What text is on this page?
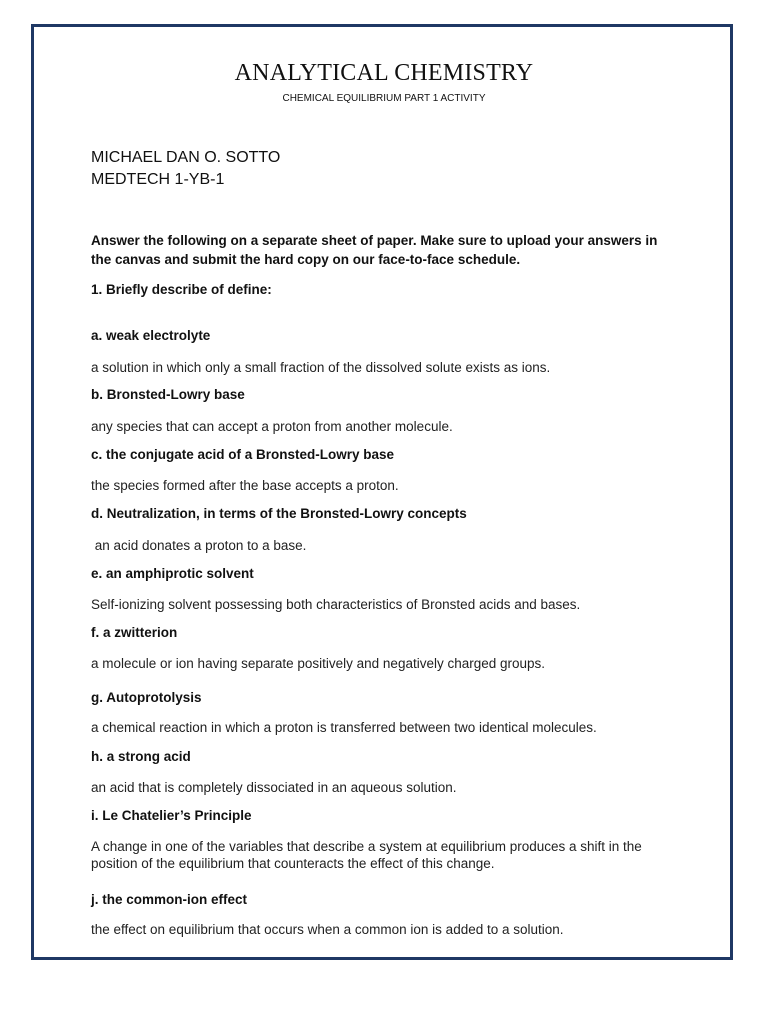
ANALYTICAL CHEMISTRY
CHEMICAL EQUILIBRIUM PART 1 ACTIVITY
MICHAEL DAN O. SOTTO
MEDTECH 1-YB-1
Answer the following on a separate sheet of paper. Make sure to upload your answers in the canvas and submit the hard copy on our face-to-face schedule.
1. Briefly describe of define:
a. weak electrolyte
a solution in which only a small fraction of the dissolved solute exists as ions.
b. Bronsted-Lowry base
any species that can accept a proton from another molecule.
c. the conjugate acid of a Bronsted-Lowry base
the species formed after the base accepts a proton.
d. Neutralization, in terms of the Bronsted-Lowry concepts
an acid donates a proton to a base.
e. an amphiprotic solvent
Self-ionizing solvent possessing both characteristics of Bronsted acids and bases.
f. a zwitterion
a molecule or ion having separate positively and negatively charged groups.
g. Autoprotolysis
a chemical reaction in which a proton is transferred between two identical molecules.
h. a strong acid
an acid that is completely dissociated in an aqueous solution.
i. Le Chatelier’s Principle
A change in one of the variables that describe a system at equilibrium produces a shift in the position of the equilibrium that counteracts the effect of this change.
j. the common-ion effect
the effect on equilibrium that occurs when a common ion is added to a solution.
